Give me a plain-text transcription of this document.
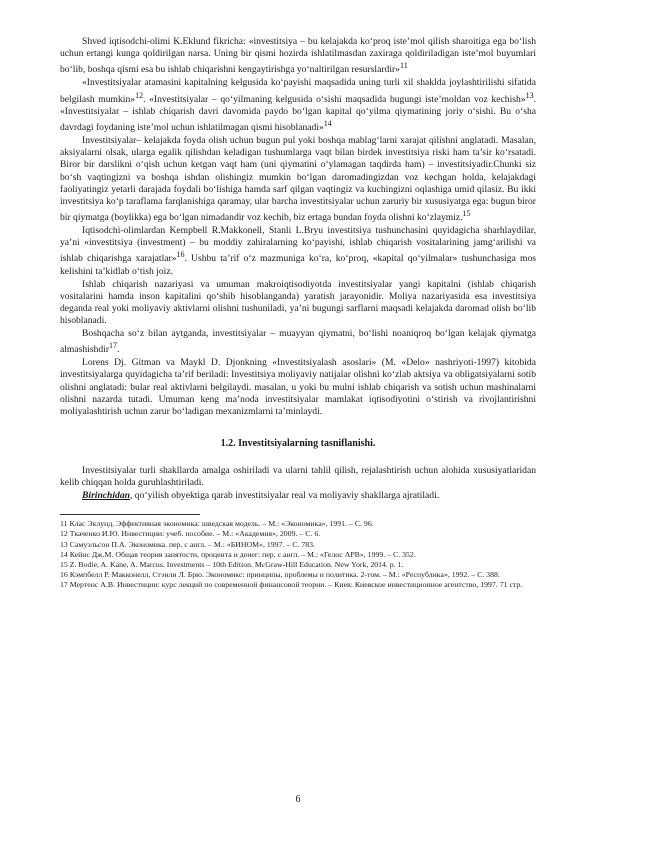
​

Shved iqtisodchi-olimi K.Eklund fikricha: «investitsiya – bu kelajakda ko‘proq iste’mol qilish sharoitiga ega bo‘lish uchun ertangi kunga qoldirilgan narsa. Uning bir qismi hozirda ishlatilmasdan zaxiraga qoldiriladigan iste’mol buyumlari bo‘lib, boshqa qismi esa bu ishlab chiqarishni kengaytirishga yo‘naltirilgan resurslardir»$^{11}$

«Investitsiyalar atamasini kapitalning kelgusida ko‘payishi maqsadida uning turli xil shaklda joylashtirilishi sifatida belgilash mumkin»$^{12}$. «Investitsiyalar – qo‘yilmaning kelgusida o‘sishi maqsadida bugungi iste’moldan voz kechish»$^{13}$. «Investitsiyalar – ishlab chiqarish davri davomida paydo bo‘lgan kapital qo‘yilma qiymatining joriy o‘sishi. Bu o‘sha davrdagi foydaning iste’mol uchun ishlatilmagan qismi hisoblanadi»$^{14}$

Investitsiyalar– kelajakda foyda olish uchun bugun pul yoki boshqa mablag‘larni xarajat qilishni anglatadi. Masalan, aksiyalarni olsak, ularga egalik qilishdan keladigan tushumlarga vaqt bilan birdek investitsiya riski ham ta’sir ko‘rsatadi. Biror bir darslikni o‘qish uchun ketgan vaqt ham (uni qiymatini o‘ylamagan taqdirda ham) – investitsiyadir.Chunki siz bo‘sh vaqtingizni va boshqa ishdan olishingiz mumkin bo‘lgan daromadingizdan voz kechgan holda, kelajakdagi faoliyatingiz yetarli darajada foydali bo‘lishiga hamda sarf qilgan vaqtingiz va kuchingizni oqlashiga umid qilasiz. Bu ikki investitsiya ko‘p taraflama farqlanishiga qaramay, ular barcha investitsiyalar uchun zaruriy bir xususiyatga ega: bugun biror bir qiymatga (boylikka) ega bo‘lgan nimadandir voz kechib, biz ertaga bundan foyda olishni ko‘zlaymiz.$^{15}$

Iqtisodchi-olimlardan Kempbell R.Makkonell, Stanli L.Bryu investitsiya tushunchasini quyidagicha sharhlaydilar, ya’ni «investitsiya (investment) – bu moddiy zahiralarning ko‘payishi, ishlab chiqarish vositalarining jamg‘arilishi va ishlab chiqarishga xarajatlar»$^{16}$. Ushbu ta’rif o‘z mazmuniga ko‘ra, ko‘proq, «kapital qo‘yilmalar» tushunchasiga mos kelishini ta’kidlab o‘tish joiz.

Ishlab chiqarish nazariyasi va umuman makroiqtisodiyotda investitsiyalar yangi kapitalni (ishlab chiqarish vositalarini hamda inson kapitalini qo‘shib hisoblanganda) yaratish jarayonidir. Moliya nazariyasida esa investitsiya deganda real yoki moliyaviy aktivlarni olishni tushuniladi, ya’ni bugungi sarflarni maqsadi kelajakda daromad olish bo‘lib hisoblanadi.

Boshqacha so‘z bilan aytganda, investitsiyalar – muayyan qiymatni, bo‘lishi noaniqroq bo‘lgan kelajak qiymatga almashishdir$^{17}$.

Lorens Dj. Gitman va Maykl D. Djonkning «Investitsiyalash asoslari» (M. «Delo» nashriyoti-1997) kitobida investitsiyalarga quyidagicha ta’rif beriladi: Investitsiya moliyaviy natijalar olishni ko‘zlab aktsiya va obligatsiyalarni sotib olishni anglatadi: bular real aktivlarni belgilaydi. masalan, u yoki bu mulni ishlab chiqarish va sotish uchun mashinalarni olishni nazarda tutadi. Umuman keng ma’noda investitsiyalar mamlakat iqtisodiyotini o‘stirish va rivojlantirishni moliyalashtirish uchun zarur bo‘ladigan mexanizmlarni ta’minlaydi.

1.2. Investitsiyalarning tasniflanishi.

Investitsiyalar turli shakllarda amalga oshiriladi va ularni tahlil qilish, rejalashtirish uchun alohida xususiyatlaridan kelib chiqqan holda guruhlashtiriladi.

Birinchidan, qo‘yilish obyektiga qarab investitsiyalar real va moliyaviy shakllarga ajratiladi.

11 Клас Эклунд. Эффективная экономика: шведская модель. – М.: «Экономика», 1991. – С. 96.

12 Ткаченко И.Ю. Инвестиции: учеб. пособие. – М.: «Академия», 2009. – С. 6.

13 Самуэльсон П.А. Экономика. пер. с англ. – М.: «БИНОМ», 1997. – С. 783.

14 Кейнс Дж.М. Общая теория занятости, процента и денег: пер. с англ. – М.: «Гелос АРВ», 1999. – С. 352.

15 Z. Bodie, A. Kane, A. Marcus. Investments – 10th Edition. McGraw-Hill Education. New York, 2014. p. 1.

16 Кэмпбелл Р. Макконелл, Стэнли Л. Брю. Экономикс: принципы, проблемы и политика. 2-том. – М.: «Республика», 1992. – С. 388.

17 Мертенс А.В. Инвестиции: курс лекций по современной финансовой теории. – Киев: Киевское инвестиционное агентство, 1997. 71 стр.

6
